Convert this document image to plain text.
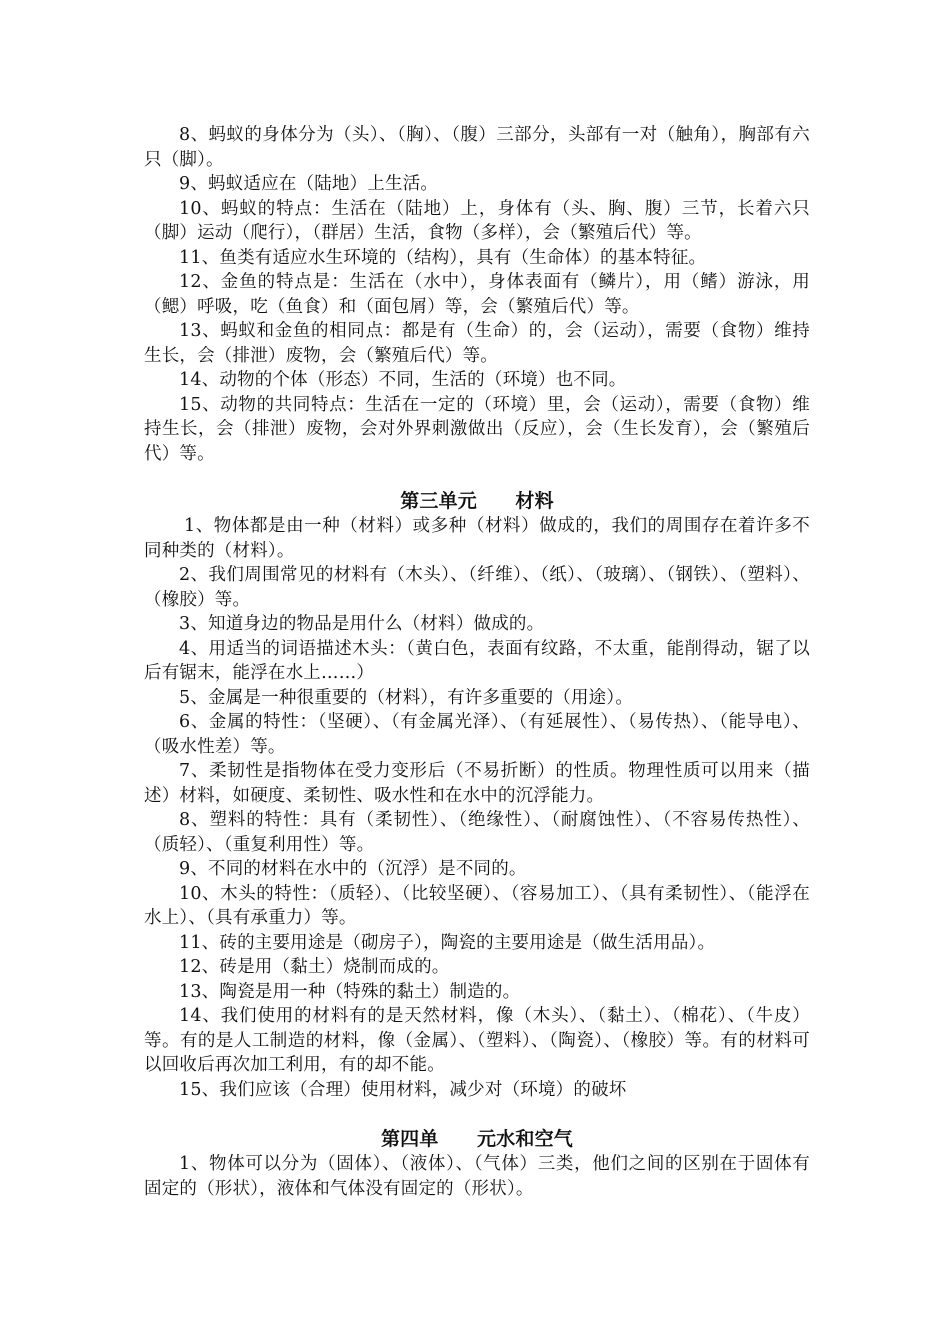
8、蚂蚁的身体分为（头）、（胸）、（腹）三部分，头部有一对（触角），胸部有六只（脚）。

9、蚂蚁适应在（陆地）上生活。

10、蚂蚁的特点：生活在（陆地）上，身体有（头、胸、腹）三节，长着六只（脚）运动（爬行），（群居）生活，食物（多样），会（繁殖后代）等。

11、鱼类有适应水生环境的（结构），具有（生命体）的基本特征。

12、金鱼的特点是：生活在（水中），身体表面有（鳞片），用（鳍）游泳，用（鳃）呼吸，吃（鱼食）和（面包屑）等，会（繁殖后代）等。

13、蚂蚁和金鱼的相同点：都是有（生命）的，会（运动），需要（食物）维持生长，会（排泄）废物，会（繁殖后代）等。

14、动物的个体（形态）不同，生活的（环境）也不同。

15、动物的共同特点：生活在一定的（环境）里，会（运动），需要（食物）维持生长，会（排泄）废物，会对外界刺激做出（反应），会（生长发育），会（繁殖后代）等。

第三单元　　材料

1、物体都是由一种（材料）或多种（材料）做成的，我们的周围存在着许多不同种类的（材料）。

2、我们周围常见的材料有（木头）、（纤维）、（纸）、（玻璃）、（钢铁）、（塑料）、（橡胶）等。

3、知道身边的物品是用什么（材料）做成的。

4、用适当的词语描述木头：（黄白色，表面有纹路，不太重，能削得动，锯了以后有锯末，能浮在水上……）

5、金属是一种很重要的（材料），有许多重要的（用途）。

6、金属的特性：（坚硬）、（有金属光泽）、（有延展性）、（易传热）、（能导电）、（吸水性差）等。

7、柔韧性是指物体在受力变形后（不易折断）的性质。物理性质可以用来（描述）材料，如硬度、柔韧性、吸水性和在水中的沉浮能力。

8、塑料的特性：具有（柔韧性）、（绝缘性）、（耐腐蚀性）、（不容易传热性）、（质轻）、（重复利用性）等。

9、不同的材料在水中的（沉浮）是不同的。

10、木头的特性：（质轻）、（比较坚硬）、（容易加工）、（具有柔韧性）、（能浮在水上）、（具有承重力）等。

11、砖的主要用途是（砌房子），陶瓷的主要用途是（做生活用品）。

12、砖是用（黏土）烧制而成的。

13、陶瓷是用一种（特殊的黏土）制造的。

14、我们使用的材料有的是天然材料，像（木头）、（黏土）、（棉花）、（牛皮）等。有的是人工制造的材料，像（金属）、（塑料）、（陶瓷）、（橡胶）等。有的材料可以回收后再次加工利用，有的却不能。

15、我们应该（合理）使用材料，减少对（环境）的破坏

第四单　　元水和空气

1、物体可以分为（固体）、（液体）、（气体）三类，他们之间的区别在于固体有固定的（形状），液体和气体没有固定的（形状）。
